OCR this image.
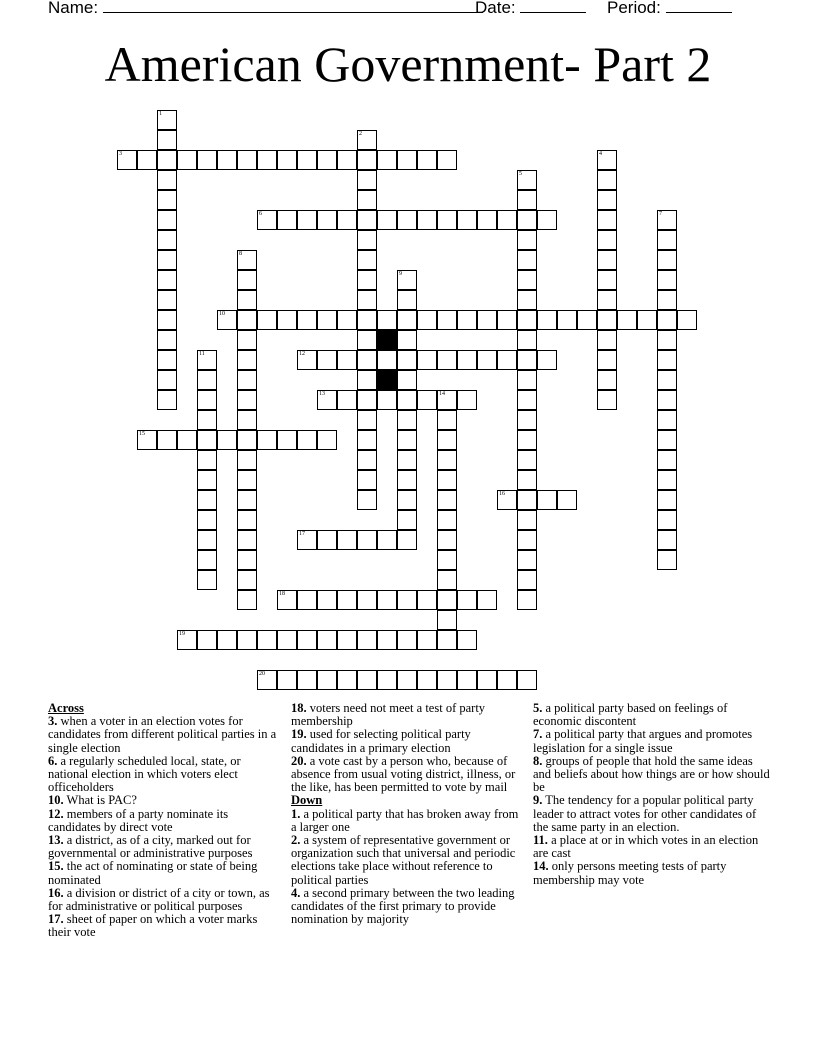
Name:	Date:	Period:
American Government- Part 2
1
2
3	4
5
6	7
8
9
10
11	12
13	14
15
16
17
18
19
20
Across
3. when a voter in an election votes for candidates from different political parties in a single election
6. a regularly scheduled local, state, or national election in which voters elect officeholders
10. What is PAC?
12. members of a party nominate its candidates by direct vote
13. a district, as of a city, marked out for governmental or administrative purposes
15. the act of nominating or state of being nominated
16. a division or district of a city or town, as for administrative or political purposes
17. sheet of paper on which a voter marks their vote
18. voters need not meet a test of party membership
19. used for selecting political party candidates in a primary election
20. a vote cast by a person who, because of absence from usual voting district, illness, or the like, has been permitted to vote by mail
Down
1. a political party that has broken away from a larger one
2. a system of representative government or organization such that universal and periodic elections take place without reference to political parties
4. a second primary between the two leading candidates of the first primary to provide nomination by majority
5. a political party based on feelings of economic discontent
7. a political party that argues and promotes legislation for a single issue
8. groups of people that hold the same ideas and beliefs about how things are or how should be
9. The tendency for a popular political party leader to attract votes for other candidates of the same party in an election.
11. a place at or in which votes in an election are cast
14. only persons meeting tests of party membership may vote
